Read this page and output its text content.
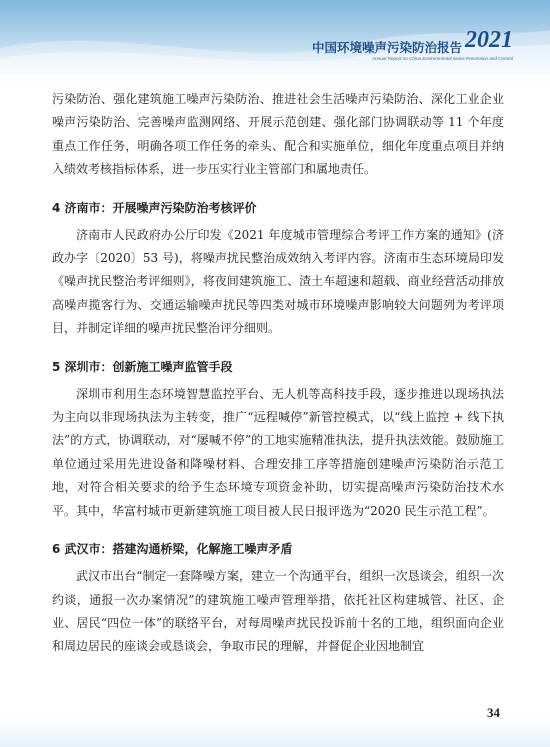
中国环境噪声污染防治报告 2021
Annual Report on China Environmental Noise Prevention and Control

污染防治、强化建筑施工噪声污染防治、推进社会生活噪声污染防治、深化工业企业噪声污染防治、完善噪声监测网络、开展示范创建、强化部门协调联动等 11 个年度重点工作任务，明确各项工作任务的牵头、配合和实施单位，细化年度重点项目并纳入绩效考核指标体系，进一步压实行业主管部门和属地责任。

4 济南市：开展噪声污染防治考核评价

济南市人民政府办公厅印发《2021 年度城市管理综合考评工作方案的通知》(济政办字〔2020〕53 号)，将噪声扰民整治成效纳入考评内容。济南市生态环境局印发《噪声扰民整治考评细则》，将夜间建筑施工、渣土车超速和超载、商业经营活动排放高噪声揽客行为、交通运输噪声扰民等四类对城市环境噪声影响较大问题列为考评项目，并制定详细的噪声扰民整治评分细则。

5 深圳市：创新施工噪声监管手段

深圳市利用生态环境智慧监控平台、无人机等高科技手段，逐步推进以现场执法为主向以非现场执法为主转变，推广“远程喊停”新管控模式，以“线上监控 + 线下执法”的方式，协调联动，对“屡喊不停”的工地实施精准执法，提升执法效能。鼓励施工单位通过采用先进设备和降噪材料、合理安排工序等措施创建噪声污染防治示范工地，对符合相关要求的给予生态环境专项资金补助，切实提高噪声污染防治技术水平。其中，华富村城市更新建筑施工项目被人民日报评选为“2020 民生示范工程”。

6 武汉市：搭建沟通桥梁，化解施工噪声矛盾

武汉市出台“制定一套降噪方案，建立一个沟通平台，组织一次恳谈会，组织一次约谈，通报一次办案情况”的建筑施工噪声管理举措，依托社区构建城管、社区、企业、居民“四位一体”的联络平台，对每周噪声扰民投诉前十名的工地，组织面向企业和周边居民的座谈会或恳谈会，争取市民的理解，并督促企业因地制宜

34
